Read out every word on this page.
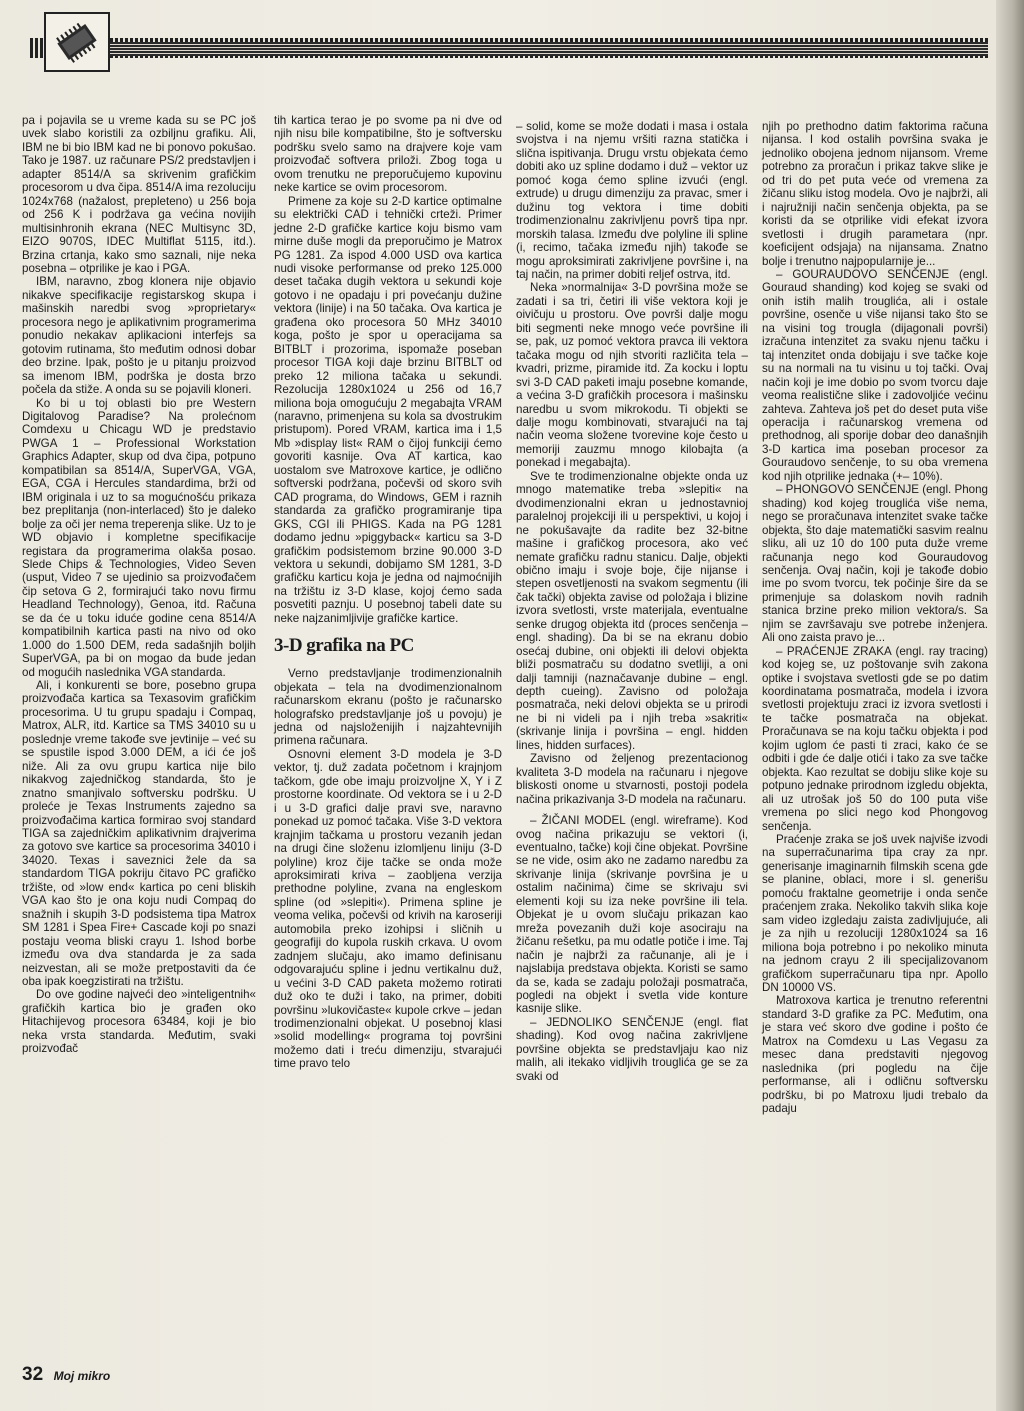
pa i pojavila se u vreme kada su se PC još uvek slabo koristili za ozbiljnu grafiku. Ali, IBM ne bi bio IBM kad ne bi ponovo pokušao. Tako je 1987. uz računare PS/2 predstavljen i adapter 8514/A sa skrivenim grafičkim procesorom u dva čipa. 8514/A ima rezoluciju 1024x768 (nažalost, prepleteno) u 256 boja od 256 K i podržava ga većina novijih multisinhronih ekrana (NEC Multisync 3D, EIZO 9070S, IDEC Multiflat 5115, itd.). Brzina crtanja, kako smo saznali, nije neka posebna – otprilike je kao i PGA.

IBM, naravno, zbog klonera nije objavio nikakve specifikacije registarskog skupa i mašinskih naredbi svog »proprietary« procesora nego je aplikativnim programerima ponudio nekakav aplikacioni interfejs sa gotovim rutinama, što međutim odnosi dobar deo brzine. Ipak, pošto je u pitanju proizvod sa imenom IBM, podrška je dosta brzo počela da stiže. A onda su se pojavili kloneri.

Ko bi u toj oblasti bio pre Western Digitalovog Paradise? Na prolećnom Comdexu u Chicagu WD je predstavio PWGA 1 – Professional Workstation Graphics Adapter, skup od dva čipa, potpuno kompatibilan sa 8514/A, SuperVGA, VGA, EGA, CGA i Hercules standardima, brži od IBM originala i uz to sa mogućnošću prikaza bez preplitanja (non-interlaced) što je daleko bolje za oči jer nema treperenja slike. Uz to je WD objavio i kompletne specifikacije registara da programerima olakša posao. Slede Chips & Technologies, Video Seven (usput, Video 7 se ujedinio sa proizvođačem čip setova G 2, formirajući tako novu firmu Headland Technology), Genoa, itd. Računa se da će u toku iduće godine cena 8514/A kompatibilnih kartica pasti na nivo od oko 1.000 do 1.500 DEM, reda sadašnjih boljih SuperVGA, pa bi on mogao da bude jedan od mogućih naslednika VGA standarda.

Ali, i konkurenti se bore, posebno grupa proizvođača kartica sa Texasovim grafičkim procesorima. U tu grupu spadaju i Compaq, Matrox, ALR, itd. Kartice sa TMS 34010 su u poslednje vreme takođe sve jevtinije – već su se spustile ispod 3.000 DEM, a ići će još niže. Ali za ovu grupu kartica nije bilo nikakvog zajedničkog standarda, što je znatno smanjivalo softversku podršku. U proleće je Texas Instruments zajedno sa proizvođačima kartica formirao svoj standard TIGA sa zajedničkim aplikativnim drajverima za gotovo sve kartice sa procesorima 34010 i 34020. Texas i saveznici žele da sa standardom TIGA pokriju čitavo PC grafičko tržište, od »low end« kartica po ceni bliskih VGA kao što je ona koju nudi Compaq do snažnih i skupih 3-D podsistema tipa Matrox SM 1281 i Spea Fire+ Cascade koji po snazi postaju veoma bliski crayu 1. Ishod borbe između ova dva standarda je za sada neizvestan, ali se može pretpostaviti da će oba ipak koegzistirati na tržištu.

Do ove godine najveći deo »inteligentnih« grafičkih kartica bio je građen oko Hitachijevog procesora 63484, koji je bio neka vrsta standarda. Međutim, svaki proizvođač

tih kartica terao je po svome pa ni dve od njih nisu bile kompatibilne, što je softversku podršku svelo samo na drajvere koje vam proizvođač softvera priloži. Zbog toga u ovom trenutku ne preporučujemo kupovinu neke kartice se ovim procesorom.

Primene za koje su 2-D kartice optimalne su električki CAD i tehnički crteži. Primer jedne 2-D grafičke kartice koju bismo vam mirne duše mogli da preporučimo je Matrox PG 1281. Za ispod 4.000 USD ova kartica nudi visoke performanse od preko 125.000 deset tačaka dugih vektora u sekundi koje gotovo i ne opadaju i pri povećanju dužine vektora (linije) i na 50 tačaka. Ova kartica je građena oko procesora 50 MHz 34010 koga, pošto je spor u operacijama sa BITBLT i prozorima, ispomaže poseban procesor TIGA koji daje brzinu BITBLT od preko 12 miliona tačaka u sekundi. Rezolucija 1280x1024 u 256 od 16,7 miliona boja omogućuju 2 megabajta VRAM (naravno, primenjena su kola sa dvostrukim pristupom). Pored VRAM, kartica ima i 1,5 Mb »display list« RAM o čijoj funkciji ćemo govoriti kasnije. Ova AT kartica, kao uostalom sve Matroxove kartice, je odlično softverski podržana, počevši od skoro svih CAD programa, do Windows, GEM i raznih standarda za grafičko programiranje tipa GKS, CGI ili PHIGS. Kada na PG 1281 dodamo jednu »piggyback« karticu sa 3-D grafičkim podsistemom brzine 90.000 3-D vektora u sekundi, dobijamo SM 1281, 3-D grafičku karticu koja je jedna od najmoćnijih na tržištu iz 3-D klase, kojoj ćemo sada posvetiti paznju. U posebnoj tabeli date su neke najzanimljivije grafičke kartice.

3-D grafika na PC

Verno predstavljanje trodimenzionalnih objekata – tela na dvodimenzionalnom računarskom ekranu (pošto je računarsko holografsko predstavljanje još u povoju) je jedna od najsloženijih i najzahtevnijih primena računara.

Osnovni element 3-D modela je 3-D vektor, tj. duž zadata početnom i krajnjom tačkom, gde obe imaju proizvoljne X, Y i Z prostorne koordinate. Od vektora se i u 2-D i u 3-D grafici dalje pravi sve, naravno ponekad uz pomoć tačaka. Više 3-D vektora krajnjim tačkama u prostoru vezanih jedan na drugi čine složenu izlomljenu liniju (3-D polyline) kroz čije tačke se onda može aproksimirati kriva – zaobljena verzija prethodne polyline, zvana na engleskom spline (od »slepiti«). Primena spline je veoma velika, počevši od krivih na karoseriji automobila preko izohipsi i sličnih u geografiji do kupola ruskih crkava. U ovom zadnjem slučaju, ako imamo definisanu odgovarajuću spline i jednu vertikalnu duž, u većini 3-D CAD paketa možemo rotirati duž oko te duži i tako, na primer, dobiti površinu »lukovičaste« kupole crkve – jedan trodimenzionalni objekat. U posebnoj klasi »solid modelling« programa toj površini možemo dati i treću dimenziju, stvarajući time pravo telo

– solid, kome se može dodati i masa i ostala svojstva i na njemu vršiti razna statička i slična ispitivanja. Drugu vrstu objekata ćemo dobiti ako uz spline dodamo i duž – vektor uz pomoć koga ćemo spline izvući (engl. extrude) u drugu dimenziju za pravac, smer i dužinu tog vektora i time dobiti trodimenzionalnu zakrivljenu površ tipa npr. morskih talasa. Između dve polyline ili spline (i, recimo, tačaka između njih) takođe se mogu aproksimirati zakrivljene površine i, na taj način, na primer dobiti reljef ostrva, itd.

Neka »normalnija« 3-D površina može se zadati i sa tri, četiri ili više vektora koji je oivičuju u prostoru. Ove površi dalje mogu biti segmenti neke mnogo veće površine ili se, pak, uz pomoć vektora pravca ili vektora tačaka mogu od njih stvoriti različita tela – kvadri, prizme, piramide itd. Za kocku i loptu svi 3-D CAD paketi imaju posebne komande, a većina 3-D grafičkih procesora i mašinsku naredbu u svom mikrokodu. Ti objekti se dalje mogu kombinovati, stvarajući na taj način veoma složene tvorevine koje često u memoriji zauzmu mnogo kilobajta (a ponekad i megabajta).

Sve te trodimenzionalne objekte onda uz mnogo matematike treba »slepiti« na dvodimenzionalni ekran u jednostavnioj paralelnoj projekciji ili u perspektivi, u kojoj i ne pokušavajte da radite bez 32-bitne mašine i grafičkog procesora, ako već nemate grafičku radnu stanicu. Dalje, objekti obično imaju i svoje boje, čije nijanse i stepen osvetljenosti na svakom segmentu (ili čak tački) objekta zavise od položaja i blizine izvora svetlosti, vrste materijala, eventualne senke drugog objekta itd (proces senčenja – engl. shading). Da bi se na ekranu dobio osećaj dubine, oni objekti ili delovi objekta bliži posmatraču su dodatno svetliji, a oni dalji tamniji (naznačavanje dubine – engl. depth cueing). Zavisno od položaja posmatrača, neki delovi objekta se u prirodi ne bi ni videli pa i njih treba »sakriti« (skrivanje linija i površina – engl. hidden lines, hidden surfaces).

Zavisno od željenog prezentacionog kvaliteta 3-D modela na računaru i njegove bliskosti onome u stvarnosti, postoji podela načina prikazivanja 3-D modela na računaru.

– ŽIČANI MODEL (engl. wireframe). Kod ovog načina prikazuju se vektori (i, eventualno, tačke) koji čine objekat. Površine se ne vide, osim ako ne zadamo naredbu za skrivanje linija (skrivanje površina je u ostalim načinima) čime se skrivaju svi elementi koji su iza neke površine ili tela. Objekat je u ovom slučaju prikazan kao mreža povezanih duži koje asociraju na žičanu rešetku, pa mu odatle potiče i ime. Taj način je najbrži za računanje, ali je i najslabija predstava objekta. Koristi se samo da se, kada se zadaju položaji posmatrača, pogledi na objekt i svetla vide konture kasnije slike.

– JEDNOLIKO SENČENJE (engl. flat shading). Kod ovog načina zakrivljene površine objekta se predstavljaju kao niz malih, ali itekako vidljivih trouglića ge se za svaki od

njih po prethodno datim faktorima računa nijansa. I kod ostalih površina svaka je jednoliko obojena jednom nijansom. Vreme potrebno za proračun i prikaz takve slike je od tri do pet puta veće od vremena za žičanu sliku istog modela. Ovo je najbrži, ali i najružniji način senčenja objekta, pa se koristi da se otprilike vidi efekat izvora svetlosti i drugih parametara (npr. koeficijent odsjaja) na nijansama. Znatno bolje i trenutno najpopularnije je...

– GOURAUDOVO SENČENJE (engl. Gouraud shanding) kod kojeg se svaki od onih istih malih trouglića, ali i ostale površine, osenče u više nijansi tako što se na visini tog trougla (dijagonali površi) izračuna intenzitet za svaku njenu tačku i taj intenzitet onda dobijaju i sve tačke koje su na normali na tu visinu u toj tački. Ovaj način koji je ime dobio po svom tvorcu daje veoma realistične slike i zadovoljiće većinu zahteva. Zahteva još pet do deset puta više operacija i računarskog vremena od prethodnog, ali sporije dobar deo današnjih 3-D kartica ima poseban procesor za Gouraudovo senčenje, to su oba vremena kod njih otprilike jednaka (+– 10%).

– PHONGOVO SENČENJE (engl. Phong shading) kod kojeg trouglića više nema, nego se proračunava intenzitet svake tačke objekta, što daje matematički sasvim realnu sliku, ali uz 10 do 100 puta duže vreme računanja nego kod Gouraudovog senčenja. Ovaj način, koji je takođe dobio ime po svom tvorcu, tek počinje šire da se primenjuje sa dolaskom novih radnih stanica brzine preko milion vektora/s. Sa njim se završavaju sve potrebe inženjera. Ali ono zaista pravo je...

– PRAĆENJE ZRAKA (engl. ray tracing) kod kojeg se, uz poštovanje svih zakona optike i svojstava svetlosti gde se po datim koordinatama posmatrača, modela i izvora svetlosti projektuju zraci iz izvora svetlosti i te tačke posmatrača na objekat. Proračunava se na koju tačku objekta i pod kojim uglom će pasti ti zraci, kako će se odbiti i gde će dalje otići i tako za sve tačke objekta. Kao rezultat se dobiju slike koje su potpuno jednake prirodnom izgledu objekta, ali uz utrošak još 50 do 100 puta više vremena po slici nego kod Phongovog senčenja.

Praćenje zraka se još uvek najviše izvodi na superračunarima tipa cray za npr. generisanje imaginarnih filmskih scena gde se planine, oblaci, more i sl. generišu pomoću fraktalne geometrije i onda senče praćenjem zraka. Nekoliko takvih slika koje sam video izgledaju zaista zadivljujuće, ali je za njih u rezoluciji 1280x1024 sa 16 miliona boja potrebno i po nekoliko minuta na jednom crayu 2 ili specijalizovanom grafičkom superračunaru tipa npr. Apollo DN 10000 VS.

Matroxova kartica je trenutno referentni standard 3-D grafike za PC. Međutim, ona je stara već skoro dve godine i pošto će Matrox na Comdexu u Las Vegasu za mesec dana predstaviti njegovog naslednika (pri pogledu na čije performanse, ali i odličnu softversku podršku, bi po Matroxu ljudi trebalo da padaju

32 Moj mikro
